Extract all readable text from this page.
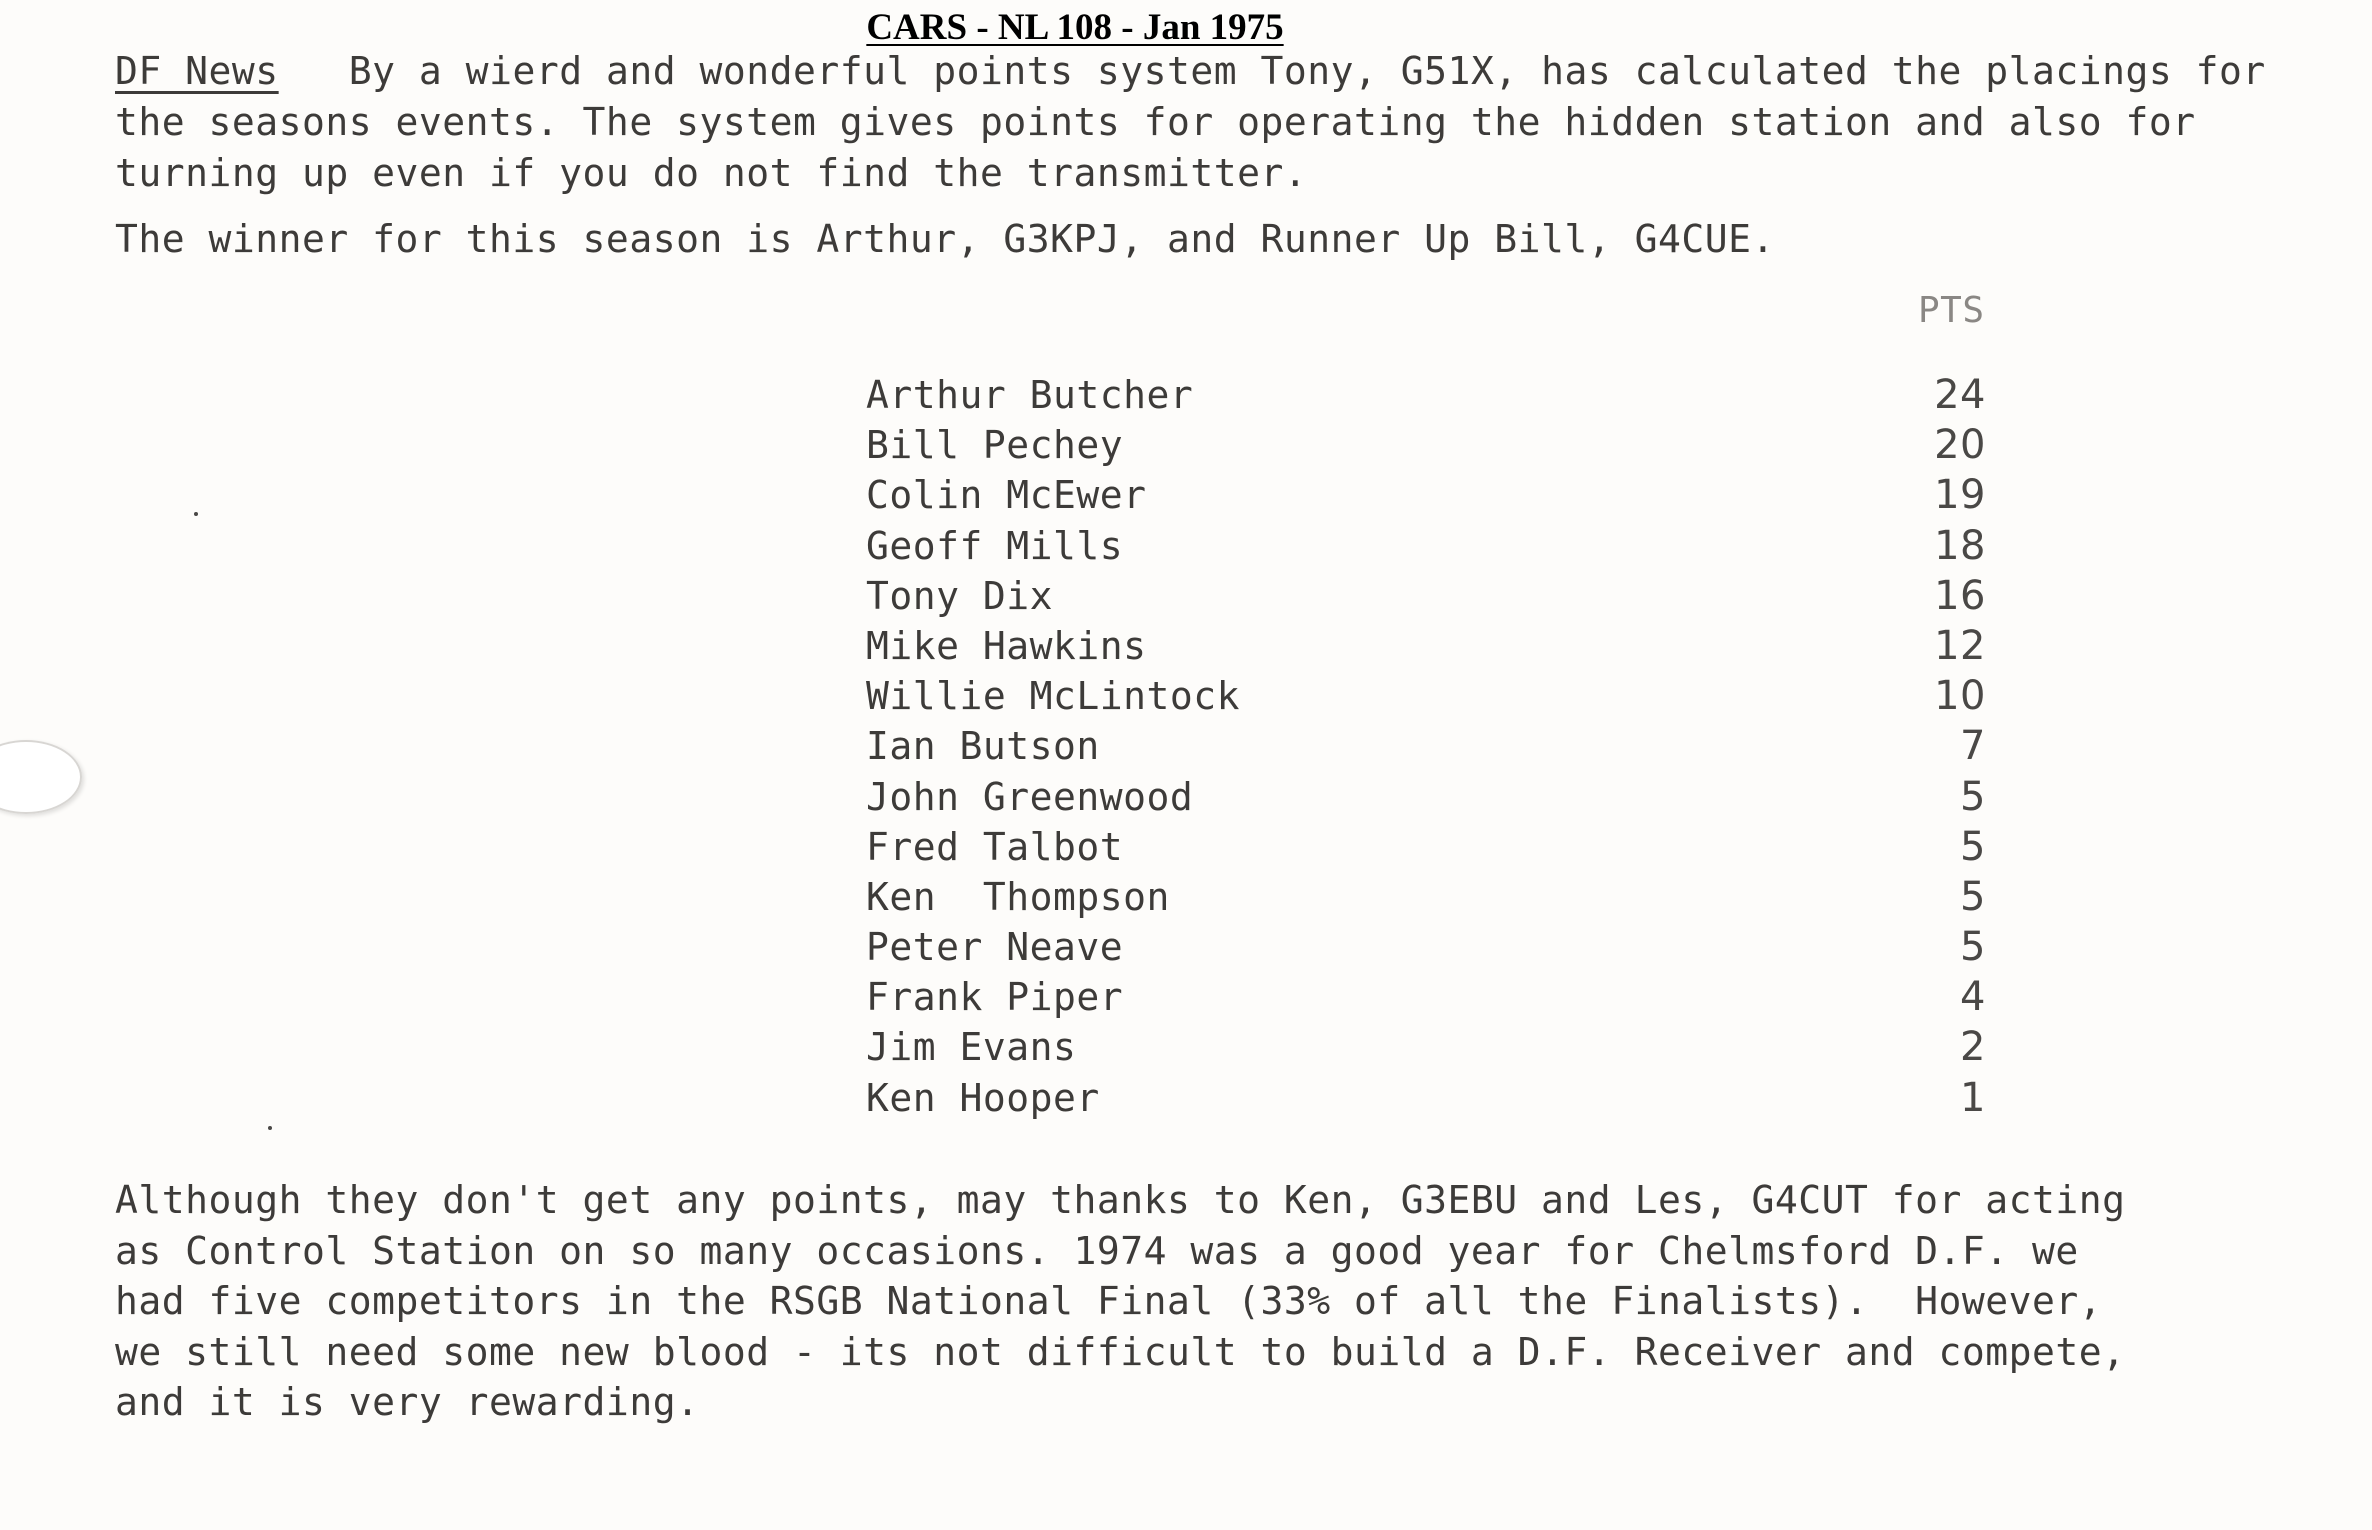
CARS - NL 108 - Jan 1975
DF News By a wierd and wonderful points system Tony, G51X, has calculated the placings for the seasons events. The system gives points for operating the hidden station and also for turning up even if you do not find the transmitter.
The winner for this season is Arthur, G3KPJ, and Runner Up Bill, G4CUE.
PTS
Arthur Butcher	24
Bill Pechey	20
Colin McEwer	19
Geoff Mills	18
Tony Dix	16
Mike Hawkins	12
Willie McLintock	10
Ian Butson	7
John Greenwood	5
Fred Talbot	5
Ken  Thompson	5
Peter Neave	5
Frank Piper	4
Jim Evans	2
Ken Hooper	1

Although they don't get any points, may thanks to Ken, G3EBU and Les, G4CUT for acting

as Control Station on so many occasions. 1974 was a good year for Chelmsford D.F. we

had five competitors in the RSGB National Final (33% of all the Finalists).  However,

we still need some new blood - its not difficult to build a D.F. Receiver and compete,

and it is very rewarding.
